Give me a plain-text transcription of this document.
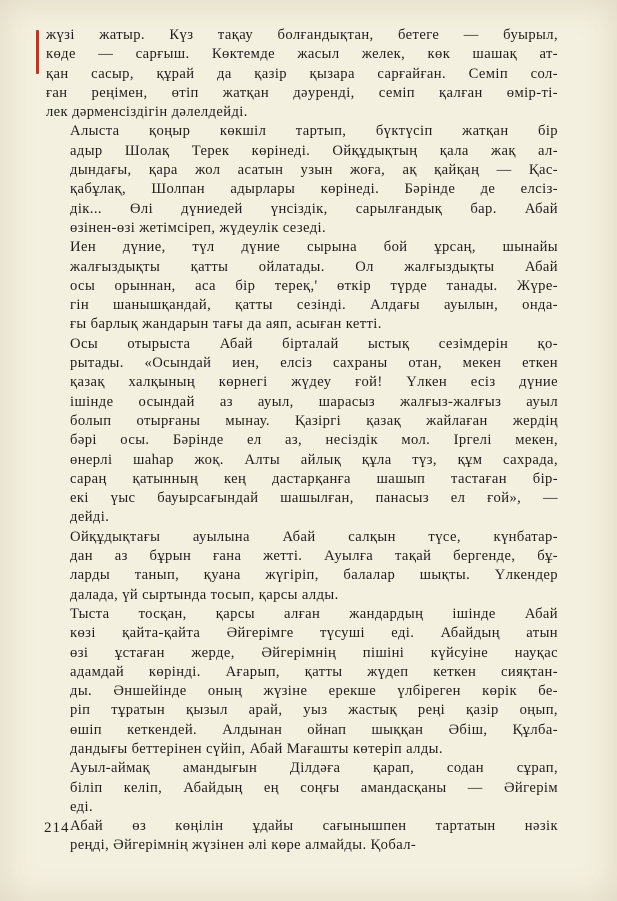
жүзі жатыр. Күз тақау болғандықтан, бетеге — буырыл,
көде — сарғыш. Көктемде жасыл желек, көк шашақ ат-
қан сасыр, құрай да қазір қызара сарғайған. Семіп сол-
ған реңімен, өтіп жатқан дәуренді, семіп қалған өмір-ті-
лек дәрменсіздігін дәлелдейді.
Алыста қоңыр көкшіл тартып, бүктүсіп жатқан бір
адыр Шолақ Терек көрінеді. Ойқұдықтың қала жақ ал-
дындағы, қара жол асатын узын жоға, ақ қайқаң — Қас-
қабұлақ, Шолпан адырлары көрінеді. Бәрінде де елсіз-
дік... Өлі дүниедей үнсіздік, сарылғандық бар. Абай
өзінен-өзі жетімсіреп, жүдеулік сезеді.
Иен дүние, түл дүние сырына бой ұрсаң, шынайы
жалғыздықты қатты ойлатады. Ол жалғыздықты Абай
осы орыннан, аса бір тереқ,' өткір түрде танады. Жүре-
гін шанышқандай, қатты сезінді. Алдағы ауылын, онда-
ғы барлық жандарын тағы да аяп, асыған кетті.
Осы отырыста Абай бірталай ыстық сезімдерін қо-
рытады. «Осындай иен, елсіз сахраны отан, мекен еткен
қазақ халқының көрнегі жүдеу ғой! Үлкен есіз дүние
ішінде осындай аз ауыл, шарасыз жалғыз-жалғыз ауыл
болып отырғаны мынау. Қазіргі қазақ жайлаған жердің
бәрі осы. Бәрінде ел аз, несіздік мол. Іргелі мекен,
өнерлі шаһар жоқ. Алты айлық құла түз, құм сахрада,
сараң қатынның кең дастарқанға шашып тастаған бір-
екі үыс бауырсағындай шашылған, панасыз ел ғой», —
дейді.
Ойқұдықтағы ауылына Абай салқын түсе, күнбатар-
дан аз бұрын ғана жетті. Ауылға тақай бергенде, бұ-
ларды танып, қуана жүгіріп, балалар шықты. Үлкендер
далада, үй сыртында тосып, қарсы алды.
Тыста тосқан, қарсы алған жандардың ішінде Абай
көзі қайта-қайта Әйгерімге түсуші еді. Абайдың атын
өзі ұстаған жерде, Әйгерімнің пішіні күйсуіне науқас
адамдай көрінді. Ағарып, қатты жүдеп кеткен сияқтан-
ды. Әншейінде оның жүзіне ерекше үлбіреген көрік бе-
ріп тұратын қызыл арай, уыз жастық реңі қазір оңып,
өшіп кеткендей. Алдынан ойнап шыққан Әбіш, Құлба-
дандығы беттерінен сүйіп, Абай Мағашты көтеріп алды.
Ауыл-аймақ амандығын Ділдәға қарап, содан сұрап,
біліп келіп, Абайдың ең соңғы амандасқаны — Әйгерім
еді.
Абай өз көңілін ұдайы сағынышпен тартатын нәзік
реңді, Әйгерімнің жүзінен әлі көре алмайды. Қобал-
214
